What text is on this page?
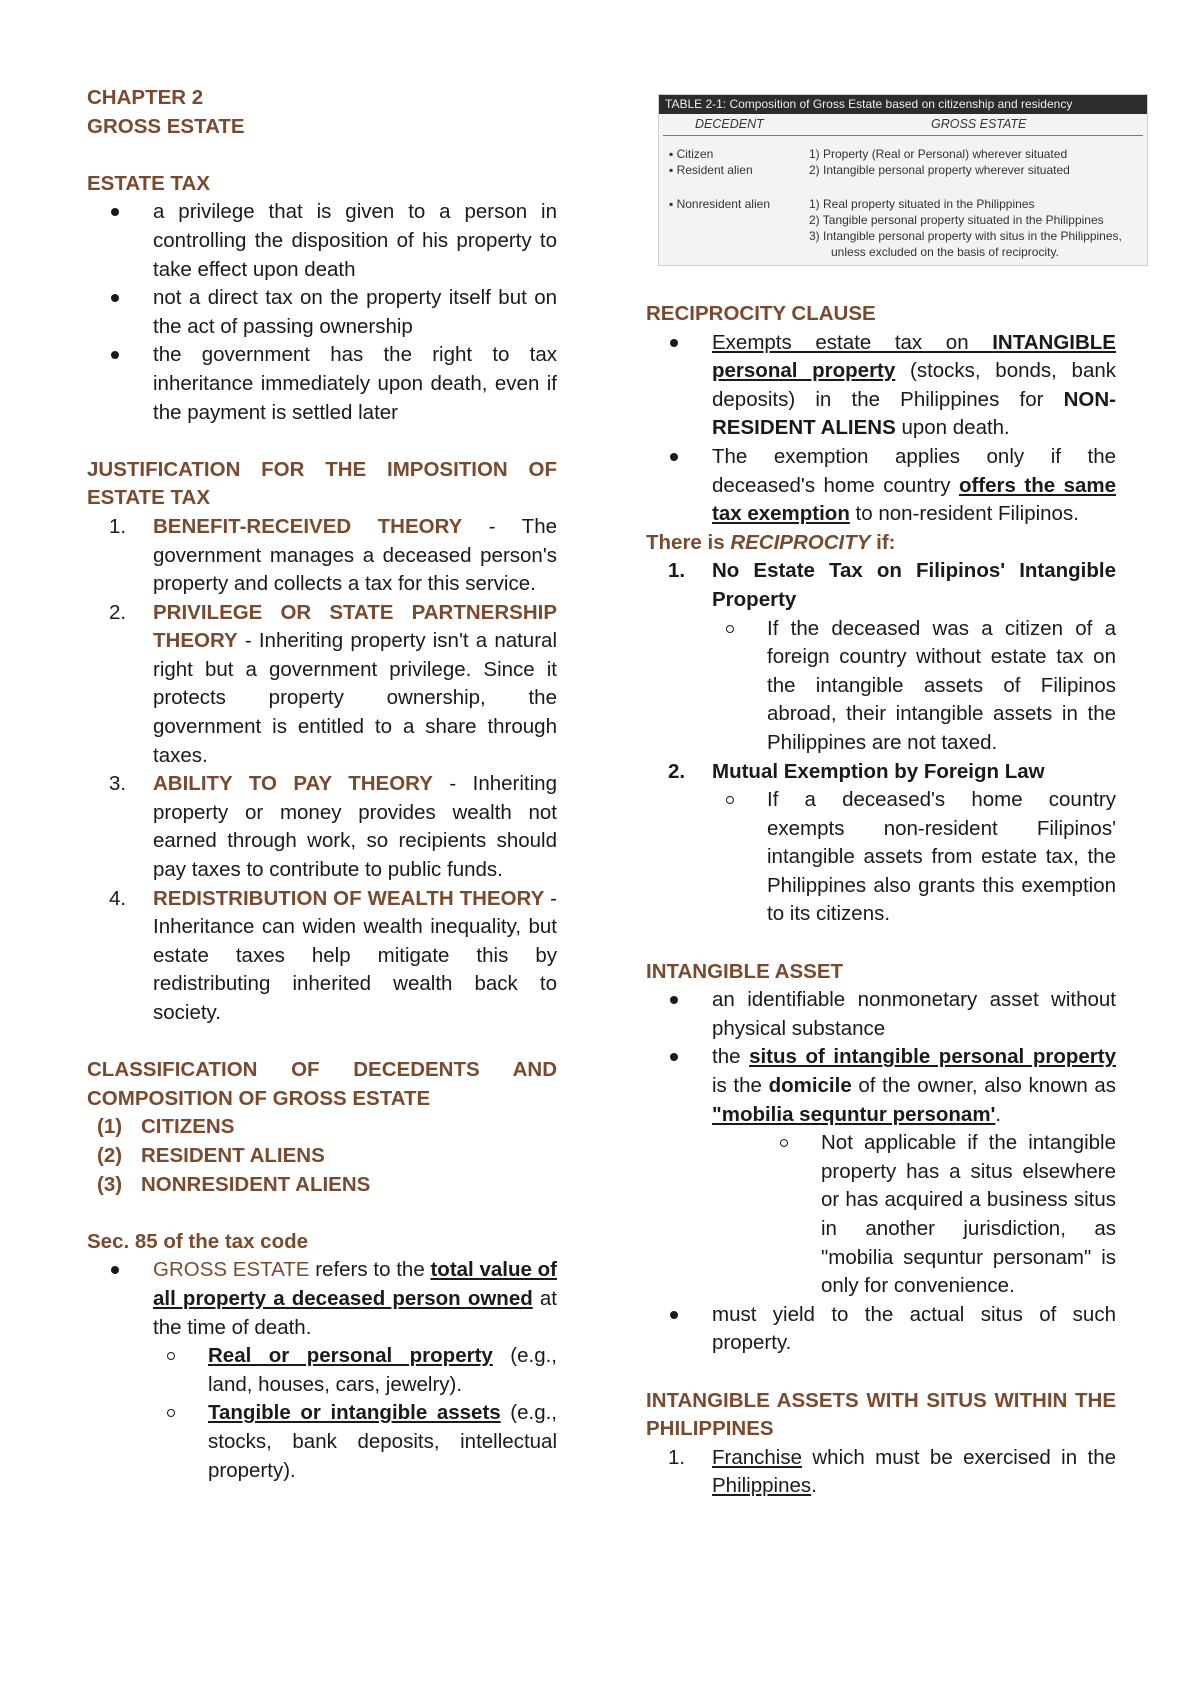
CHAPTER 2
GROSS ESTATE
ESTATE TAX
a privilege that is given to a person in controlling the disposition of his property to take effect upon death
not a direct tax on the property itself but on the act of passing ownership
the government has the right to tax inheritance immediately upon death, even if the payment is settled later
JUSTIFICATION FOR THE IMPOSITION OF ESTATE TAX
1. BENEFIT-RECEIVED THEORY - The government manages a deceased person's property and collects a tax for this service.
2. PRIVILEGE OR STATE PARTNERSHIP THEORY - Inheriting property isn't a natural right but a government privilege. Since it protects property ownership, the government is entitled to a share through taxes.
3. ABILITY TO PAY THEORY - Inheriting property or money provides wealth not earned through work, so recipients should pay taxes to contribute to public funds.
4. REDISTRIBUTION OF WEALTH THEORY - Inheritance can widen wealth inequality, but estate taxes help mitigate this by redistributing inherited wealth back to society.
CLASSIFICATION OF DECEDENTS AND COMPOSITION OF GROSS ESTATE
(1) CITIZENS
(2) RESIDENT ALIENS
(3) NONRESIDENT ALIENS
Sec. 85 of the tax code
GROSS ESTATE refers to the total value of all property a deceased person owned at the time of death.
Real or personal property (e.g., land, houses, cars, jewelry).
Tangible or intangible assets (e.g., stocks, bank deposits, intellectual property).
TABLE 2-1: Composition of Gross Estate based on citizenship and residency
DECEDENT	GROSS ESTATE
▪ Citizen	1) Property (Real or Personal) wherever situated
▪ Resident alien	2) Intangible personal property wherever situated
▪ Nonresident alien	1) Real property situated in the Philippines
2) Tangible personal property situated in the Philippines
3) Intangible personal property with situs in the Philippines,
unless excluded on the basis of reciprocity.
RECIPROCITY CLAUSE
Exempts estate tax on INTANGIBLE personal property (stocks, bonds, bank deposits) in the Philippines for NON-RESIDENT ALIENS upon death.
The exemption applies only if the deceased's home country offers the same tax exemption to non-resident Filipinos.
There is RECIPROCITY if:
1. No Estate Tax on Filipinos' Intangible Property
If the deceased was a citizen of a foreign country without estate tax on the intangible assets of Filipinos abroad, their intangible assets in the Philippines are not taxed.
2. Mutual Exemption by Foreign Law
If a deceased's home country exempts non-resident Filipinos' intangible assets from estate tax, the Philippines also grants this exemption to its citizens.
INTANGIBLE ASSET
an identifiable nonmonetary asset without physical substance
the situs of intangible personal property is the domicile of the owner, also known as "mobilia sequntur personam'.
Not applicable if the intangible property has a situs elsewhere or has acquired a business situs in another jurisdiction, as "mobilia sequntur personam" is only for convenience.
must yield to the actual situs of such property.
INTANGIBLE ASSETS WITH SITUS WITHIN THE PHILIPPINES
1. Franchise which must be exercised in the Philippines.
